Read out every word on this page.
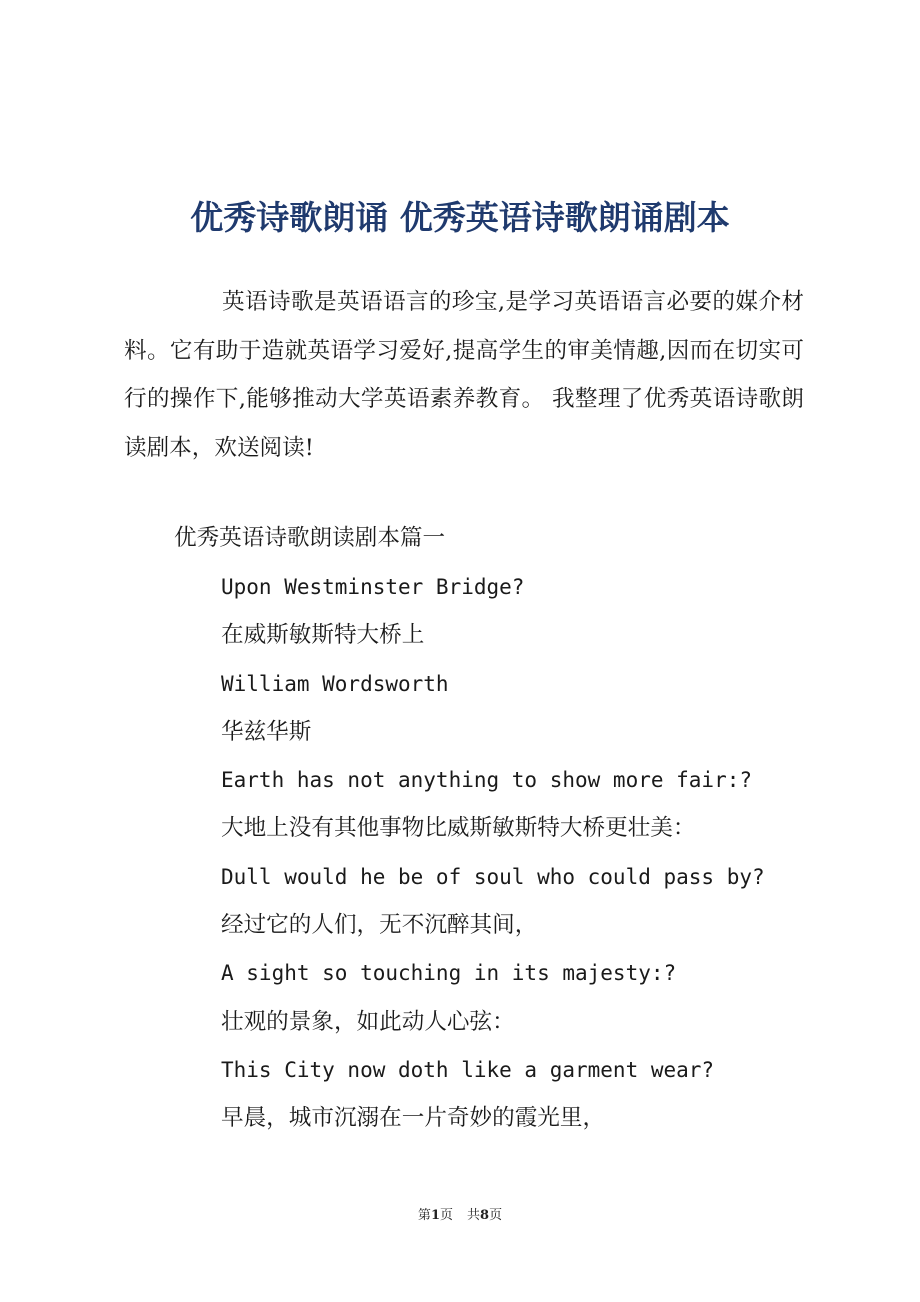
优秀诗歌朗诵 优秀英语诗歌朗诵剧本

英语诗歌是英语语言的珍宝,是学习英语语言必要的媒介材料。它有助于造就英语学习爱好,提高学生的审美情趣,因而在切实可行的操作下,能够推动大学英语素养教育。 我整理了优秀英语诗歌朗读剧本，欢送阅读!

优秀英语诗歌朗读剧本篇一

Upon Westminster Bridge?
在威斯敏斯特大桥上
William Wordsworth
华兹华斯
Earth has not anything to show more fair:?
大地上没有其他事物比威斯敏斯特大桥更壮美：
Dull would he be of soul who could pass by?
经过它的人们，无不沉醉其间，
A sight so touching in its majesty:?
壮观的景象，如此动人心弦：
This City now doth like a garment wear?
早晨，城市沉溺在一片奇妙的霞光里，
第1页 共8页
